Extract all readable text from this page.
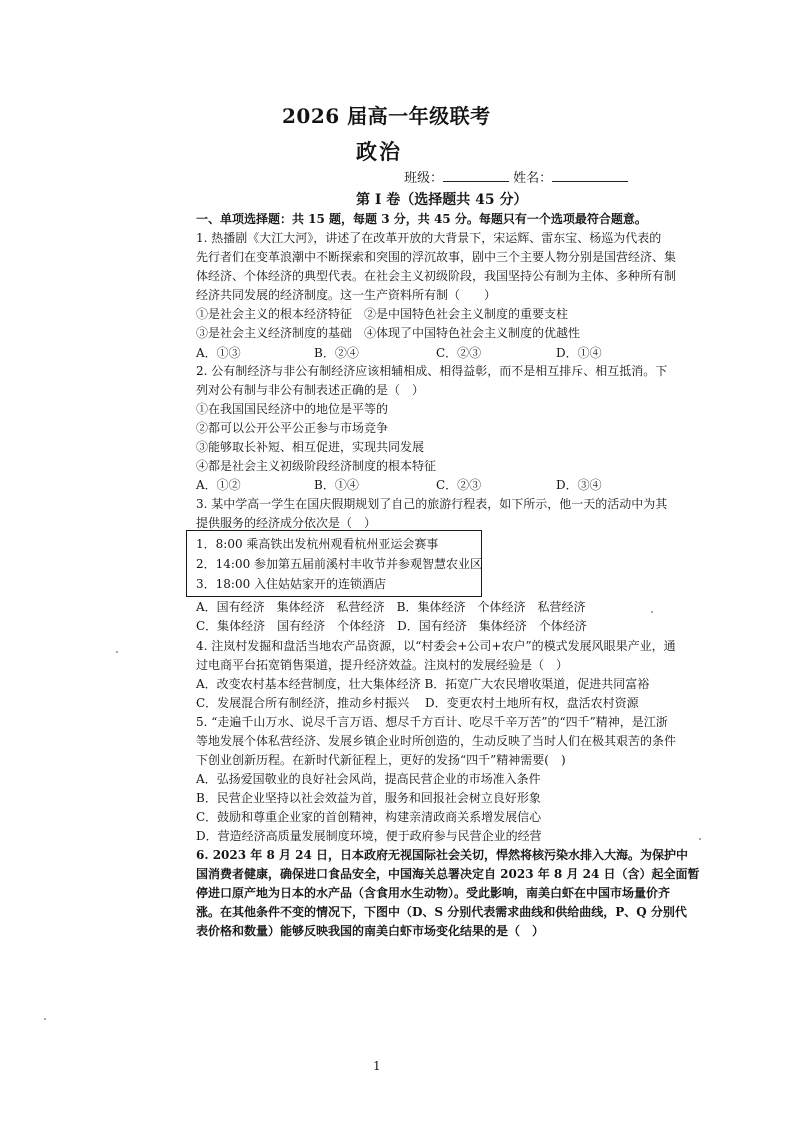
2026 届高一年级联考
政治
班级：	姓名：
第 I 卷（选择题共 45 分）
一、单项选择题：共 15 题，每题 3 分，共 45 分。每题只有一个选项最符合题意。
1. 热播剧《大江大河》，讲述了在改革开放的大背景下，宋运辉、雷东宝、杨巡为代表的
先行者们在变革浪潮中不断探索和突围的浮沉故事，剧中三个主要人物分别是国营经济、集
体经济、个体经济的典型代表。在社会主义初级阶段，我国坚持公有制为主体、多种所有制
经济共同发展的经济制度。这一生产资料所有制（　　）
①是社会主义的根本经济特征　②是中国特色社会主义制度的重要支柱
③是社会主义经济制度的基础　④体现了中国特色社会主义制度的优越性
A．①③	B．②④	C．②③	D．①④
2. 公有制经济与非公有制经济应该相辅相成、相得益彰，而不是相互排斥、相互抵消。下
列对公有制与非公有制表述正确的是（　）
①在我国国民经济中的地位是平等的
②都可以公开公平公正参与市场竞争
③能够取长补短、相互促进，实现共同发展
④都是社会主义初级阶段经济制度的根本特征
A．①②	B．①④	C．②③	D．③④
3. 某中学高一学生在国庆假期规划了自己的旅游行程表，如下所示，他一天的活动中为其
提供服务的经济成分依次是（　）
1．8:00 乘高铁出发杭州观看杭州亚运会赛事
2．14:00 参加第五届前溪村丰收节并参观智慧农业区
3．18:00 入住姑姑家开的连锁酒店
A．国有经济　集体经济　私营经济　B．集体经济　个体经济　私营经济
C．集体经济　国有经济　个体经济　D．国有经济　集体经济　个体经济
4. 注岚村发掘和盘活当地农产品资源，以“村委会+公司+农户”的模式发展风眼果产业，通
过电商平台拓宽销售渠道，提升经济效益。注岚村的发展经验是（　）
A．改变农村基本经营制度，壮大集体经济 B．拓宽广大农民增收渠道，促进共同富裕
C．发展混合所有制经济，推动乡村振兴　 D．变更农村土地所有权，盘活农村资源
5. “走遍千山万水、说尽千言万语、想尽千方百计、吃尽千辛万苦”的“四千”精神，是江浙
等地发展个体私营经济、发展乡镇企业时所创造的，生动反映了当时人们在极其艰苦的条件
下创业创新历程。在新时代新征程上，更好的发扬“四千”精神需要(　)
A．弘扬爱国敬业的良好社会风尚，提高民营企业的市场准入条件
B．民营企业坚持以社会效益为首，服务和回报社会树立良好形象
C．鼓励和尊重企业家的首创精神，构建亲清政商关系增发展信心
D．营造经济高质量发展制度环境，便于政府参与民营企业的经营
6. 2023 年 8 月 24 日，日本政府无视国际社会关切，悍然将核污染水排入大海。为保护中
国消费者健康，确保进口食品安全，中国海关总署决定自 2023 年 8 月 24 日（含）起全面暂
停进口原产地为日本的水产品（含食用水生动物）。受此影响，南美白虾在中国市场量价齐
涨。在其他条件不变的情况下，下图中（D、S 分别代表需求曲线和供给曲线，P、Q 分别代
表价格和数量）能够反映我国的南美白虾市场变化结果的是（　）
1
